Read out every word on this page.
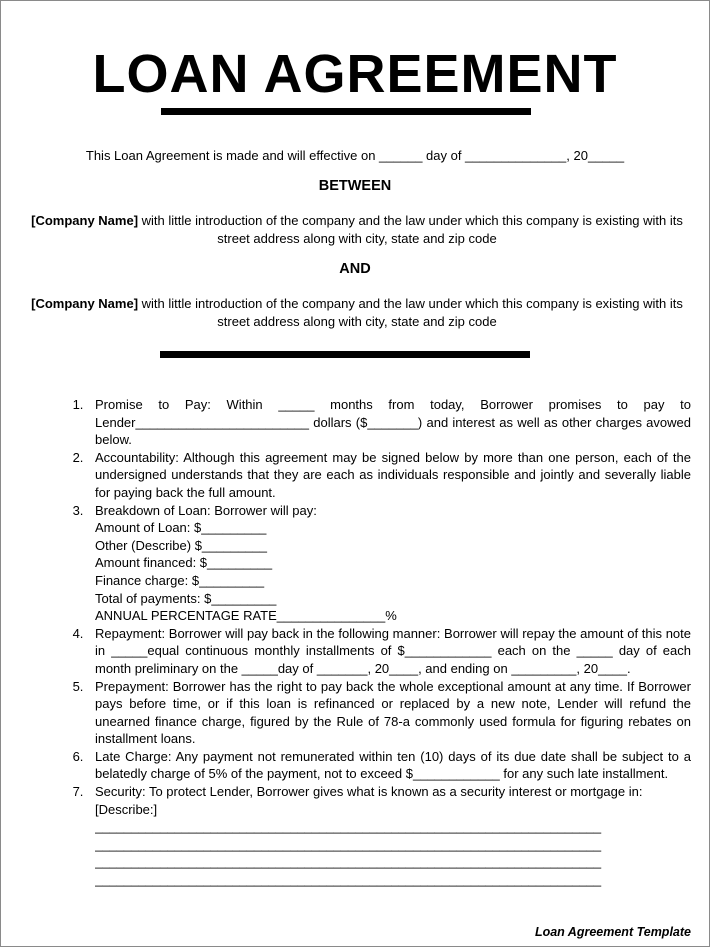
LOAN AGREEMENT
This Loan Agreement is made and will effective on ______ day of ______________, 20_____
BETWEEN
[Company Name] with little introduction of the company and the law under which this company is existing with its street address along with city, state and zip code
AND
[Company Name] with little introduction of the company and the law under which this company is existing with its street address along with city, state and zip code
1. Promise to Pay: Within _____ months from today, Borrower promises to pay to Lender________________________ dollars ($_______) and interest as well as other charges avowed below.
2. Accountability: Although this agreement may be signed below by more than one person, each of the undersigned understands that they are each as individuals responsible and jointly and severally liable for paying back the full amount.
3. Breakdown of Loan: Borrower will pay:
Amount of Loan: $_________
Other (Describe) $_________
Amount financed: $_________
Finance charge: $_________
Total of payments: $_________
ANNUAL PERCENTAGE RATE_______________%
4. Repayment: Borrower will pay back in the following manner: Borrower will repay the amount of this note in _____equal continuous monthly installments of $____________ each on the _____ day of each month preliminary on the _____day of _______, 20____, and ending on _________, 20____.
5. Prepayment: Borrower has the right to pay back the whole exceptional amount at any time. If Borrower pays before time, or if this loan is refinanced or replaced by a new note, Lender will refund the unearned finance charge, figured by the Rule of 78-a commonly used formula for figuring rebates on installment loans.
6. Late Charge: Any payment not remunerated within ten (10) days of its due date shall be subject to a belatedly charge of 5% of the payment, not to exceed $____________ for any such late installment.
7. Security: To protect Lender, Borrower gives what is known as a security interest or mortgage in: [Describe:]
______________________________________________________________________
______________________________________________________________________
______________________________________________________________________
______________________________________________________________________
Loan Agreement Template
